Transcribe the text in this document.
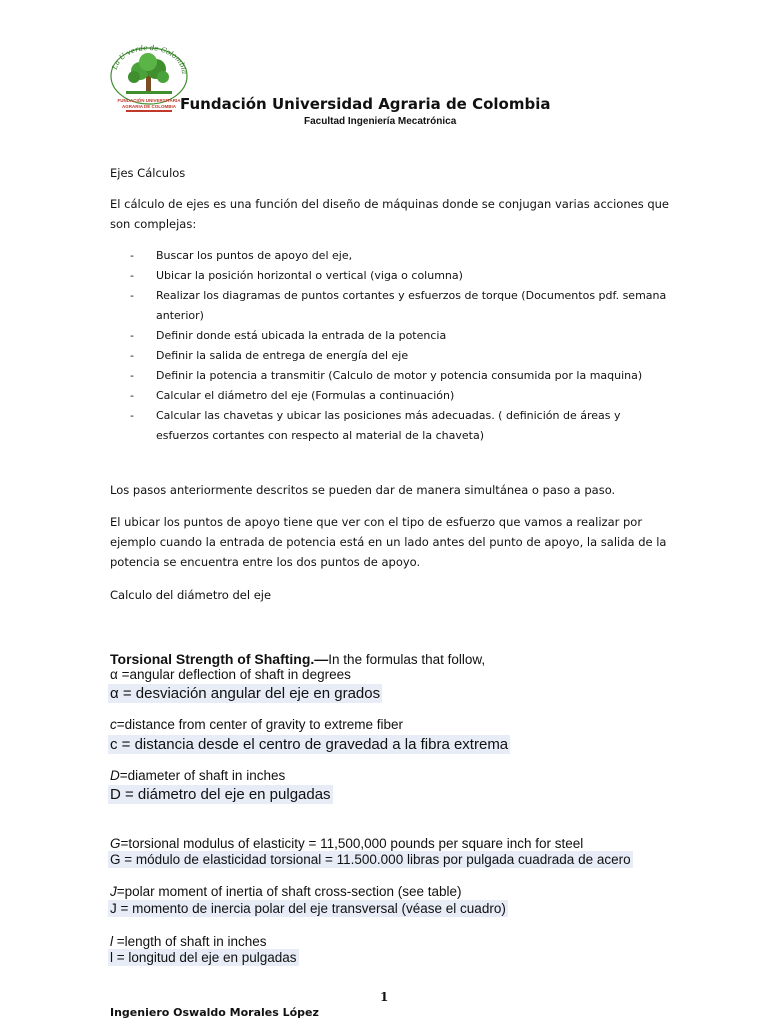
La U verde de Colombia
FUNDACIÓN UNIVERSITARIA
AGRARIA DE COLOMBIA Fundación Universidad Agraria de Colombia
Facultad Ingeniería Mecatrónica
Ejes Cálculos
El cálculo de ejes es una función del diseño de máquinas donde se conjugan varias acciones que son complejas:
- Buscar los puntos de apoyo del eje,
- Ubicar la posición horizontal o vertical (viga o columna)
- Realizar los diagramas de puntos cortantes y esfuerzos de torque (Documentos pdf. semana anterior)
- Definir donde está ubicada la entrada de la potencia
- Definir la salida de entrega de energía del eje
- Definir la potencia a transmitir (Calculo de motor y potencia consumida por la maquina)
- Calcular el diámetro del eje (Formulas a continuación)
- Calcular las chavetas y ubicar las posiciones más adecuadas. ( definición de áreas y esfuerzos cortantes con respecto al material de la chaveta)
Los pasos anteriormente descritos se pueden dar de manera simultánea o paso a paso.
El ubicar los puntos de apoyo tiene que ver con el tipo de esfuerzo que vamos a realizar por ejemplo cuando la entrada de potencia está en un lado antes del punto de apoyo, la salida de la potencia se encuentra entre los dos puntos de apoyo.
Calculo del diámetro del eje
Torsional Strength of Shafting.—In the formulas that follow,
α =angular deflection of shaft in degrees
α = desviación angular del eje en grados
c=distance from center of gravity to extreme fiber
c = distancia desde el centro de gravedad a la fibra extrema
D=diameter of shaft in inches
D = diámetro del eje en pulgadas
G=torsional modulus of elasticity = 11,500,000 pounds per square inch for steel
G = módulo de elasticidad torsional = 11.500.000 libras por pulgada cuadrada de acero
J=polar moment of inertia of shaft cross-section (see table)
J = momento de inercia polar del eje transversal (véase el cuadro)
l =length of shaft in inches
l = longitud del eje en pulgadas
1
Ingeniero Oswaldo Morales López
